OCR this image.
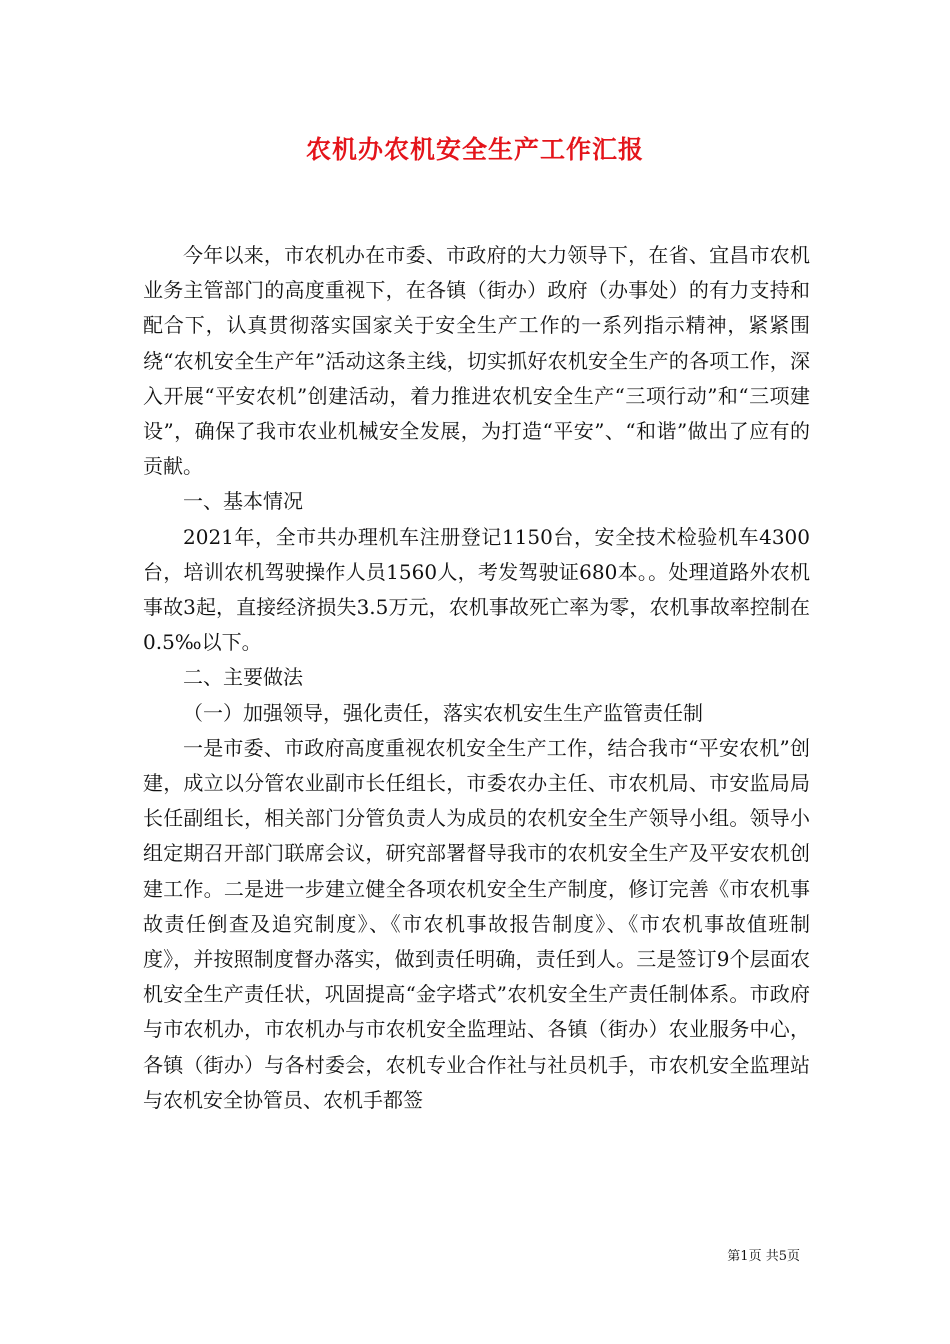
农机办农机安全生产工作汇报

今年以来，市农机办在市委、市政府的大力领导下，在省、宜昌市农机业务主管部门的高度重视下，在各镇（街办）政府（办事处）的有力支持和配合下，认真贯彻落实国家关于安全生产工作的一系列指示精神，紧紧围绕“农机安全生产年”活动这条主线，切实抓好农机安全生产的各项工作，深入开展“平安农机”创建活动，着力推进农机安全生产“三项行动”和“三项建设”，确保了我市农业机械安全发展，为打造“平安”、“和谐”做出了应有的贡献。

一、基本情况

2021年，全市共办理机车注册登记1150台，安全技术检验机车4300台，培训农机驾驶操作人员1560人，考发驾驶证680本。。处理道路外农机事故3起，直接经济损失3.5万元，农机事故死亡率为零，农机事故率控制在0.5‰以下。

二、主要做法

（一）加强领导，强化责任，落实农机安生生产监管责任制

一是市委、市政府高度重视农机安全生产工作，结合我市“平安农机”创建，成立以分管农业副市长任组长，市委农办主任、市农机局、市安监局局长任副组长，相关部门分管负责人为成员的农机安全生产领导小组。领导小组定期召开部门联席会议，研究部署督导我市的农机安全生产及平安农机创建工作。二是进一步建立健全各项农机安全生产制度，修订完善《市农机事故责任倒查及追究制度》、《市农机事故报告制度》、《市农机事故值班制度》，并按照制度督办落实，做到责任明确，责任到人。三是签订9个层面农机安全生产责任状，巩固提高“金字塔式”农机安全生产责任制体系。市政府与市农机办，市农机办与市农机安全监理站、各镇（街办）农业服务中心，各镇（街办）与各村委会，农机专业合作社与社员机手，市农机安全监理站与农机安全协管员、农机手都签

第1页 共5页
